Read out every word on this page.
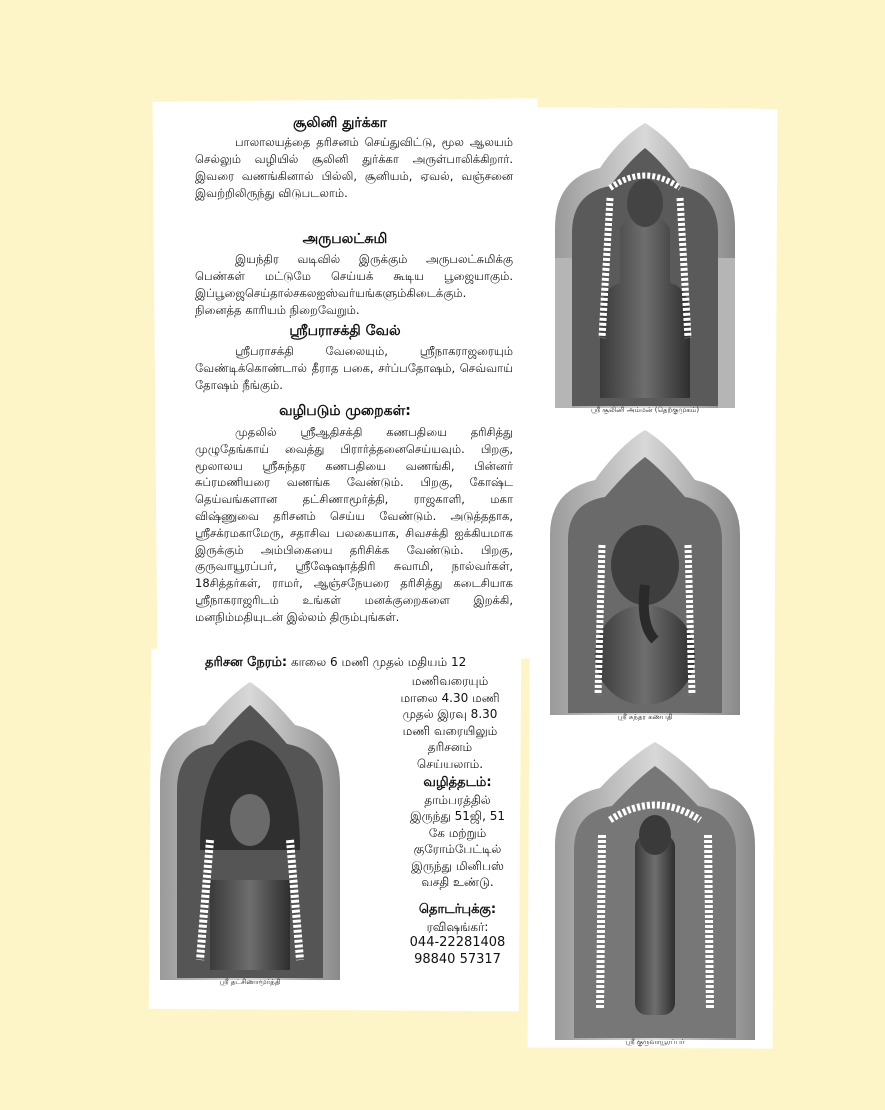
சூலினி துர்க்கா
பாலாலயத்தை தரிசனம் செய்துவிட்டு, மூல ஆலயம் செல்லும் வழியில் சூலினி துர்க்கா அருள்பாலிக்கிறார். இவரை வணங்கினால் பில்லி, சூனியம், ஏவல், வஞ்சனை இவற்றிலிருந்து விடுபடலாம்.
அருபலட்சுமி
இயந்திர வடிவில் இருக்கும் அருபலட்சுமிக்கு பெண்கள் மட்டுமே செய்யக் கூடிய பூஜையாகும். இப்பூஜைசெய்தால்சகலஐஸ்வர்யங்களும்கிடைக்கும். நினைத்த காரியம் நிறைவேறும்.
ஸ்ரீபராசக்தி வேல்
ஸ்ரீபராசக்தி வேலையும், ஸ்ரீநாகராஜரையும் வேண்டிக்கொண்டால் தீராத பகை, சர்ப்பதோஷம், செவ்வாய் தோஷம் நீங்கும்.
வழிபடும் முறைகள்:
முதலில் ஸ்ரீஆதிசக்தி கணபதியை தரிசித்து முழுதேங்காய் வைத்து பிரார்த்தனைசெய்யவும். பிறகு, மூலாலய ஸ்ரீசுந்தர கணபதியை வணங்கி, பின்னர் சுப்ரமணியரை வணங்க வேண்டும். பிறகு, கோஷ்ட தெய்வங்களான தட்சிணாமூர்த்தி, ராஜகாளி, மகா விஷ்ணுவை தரிசனம் செய்ய வேண்டும். அடுத்ததாக, ஸ்ரீசக்ரமகாமேரு, சதாசிவ பலகையாக, சிவசக்தி ஐக்கியமாக இருக்கும் அம்பிகையை தரிசிக்க வேண்டும். பிறகு, குருவாயூரப்பர், ஸ்ரீஷேஷாத்திரி சுவாமி, நால்வர்கள், 18சித்தர்கள், ராமர், ஆஞ்சநேயரை தரிசித்து கடைசியாக ஸ்ரீநாகராஜரிடம் உங்கள் மனக்குறைகளை இறக்கி, மனநிம்மதியுடன் இல்லம் திரும்புங்கள்.
தரிசன நேரம்: காலை 6 மணி முதல் மதியம் 12
மணிவரையும்
மாலை 4.30 மணி
முதல் இரவு 8.30
மணி வரையிலும்
தரிசனம்
செய்யலாம்.
வழித்தடம்:
தாம்பரத்தில்
இருந்து 51ஜி, 51
கே மற்றும்
குரோம்பேட்டில்
இருந்து மினிபஸ்
வசதி உண்டு.
தொடர்புக்கு:
ரவிஷங்கர்:
044-22281408
98840 57317
ஸ்ரீ சூலினி அம்மன் (தெற்குமுகம்)
ஸ்ரீ சுந்தர கணபதி
ஸ்ரீ தட்சிணாமூர்த்தி
ஸ்ரீ குருவாயூரப்பர்
